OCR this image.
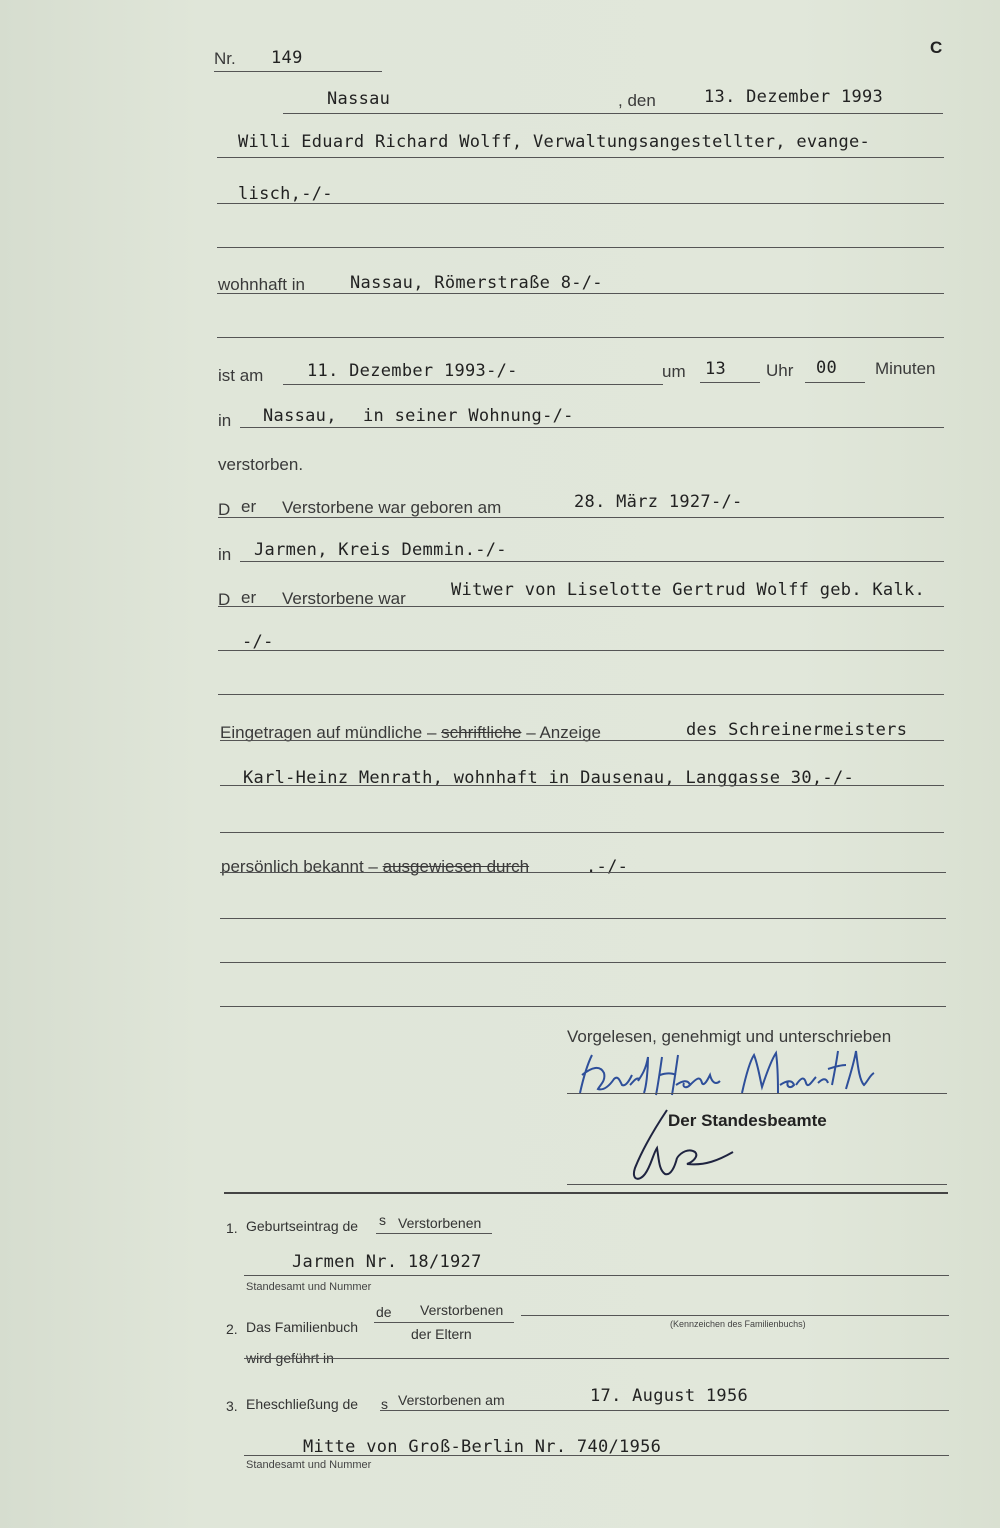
C
Nr. 149
Nassau	, den	13. Dezember 1993
Willi Eduard Richard Wolff, Verwaltungsangestellter, evange-
lisch,-/-
wohnhaft in	Nassau, Römerstraße 8-/-
ist am	11. Dezember 1993-/-	um 13 Uhr 00 Minuten
in Nassau, in seiner Wohnung-/-
verstorben.
D er Verstorbene war geboren am	28. März 1927-/-
in Jarmen, Kreis Demmin.-/-
D er Verstorbene war	Witwer von Liselotte Gertrud Wolff geb. Kalk.
-/-
Eingetragen auf mündliche – schriftliche – Anzeige	des Schreinermeisters
Karl-Heinz Menrath, wohnhaft in Dausenau, Langgasse 30,-/-
persönlich bekannt – ausgewiesen durch	.-/-
Vorgelesen, genehmigt und unterschrieben
Der Standesbeamte
1. Geburtseintrag de s Verstorbenen
Jarmen Nr. 18/1927
Standesamt und Nummer
2. Das Familienbuch
de Verstorbenen
der Eltern
(Kennzeichen des Familienbuchs)
wird geführt in
3. Eheschließung de s Verstorbenen am	17. August 1956
Mitte von Groß-Berlin Nr. 740/1956
Standesamt und Nummer
